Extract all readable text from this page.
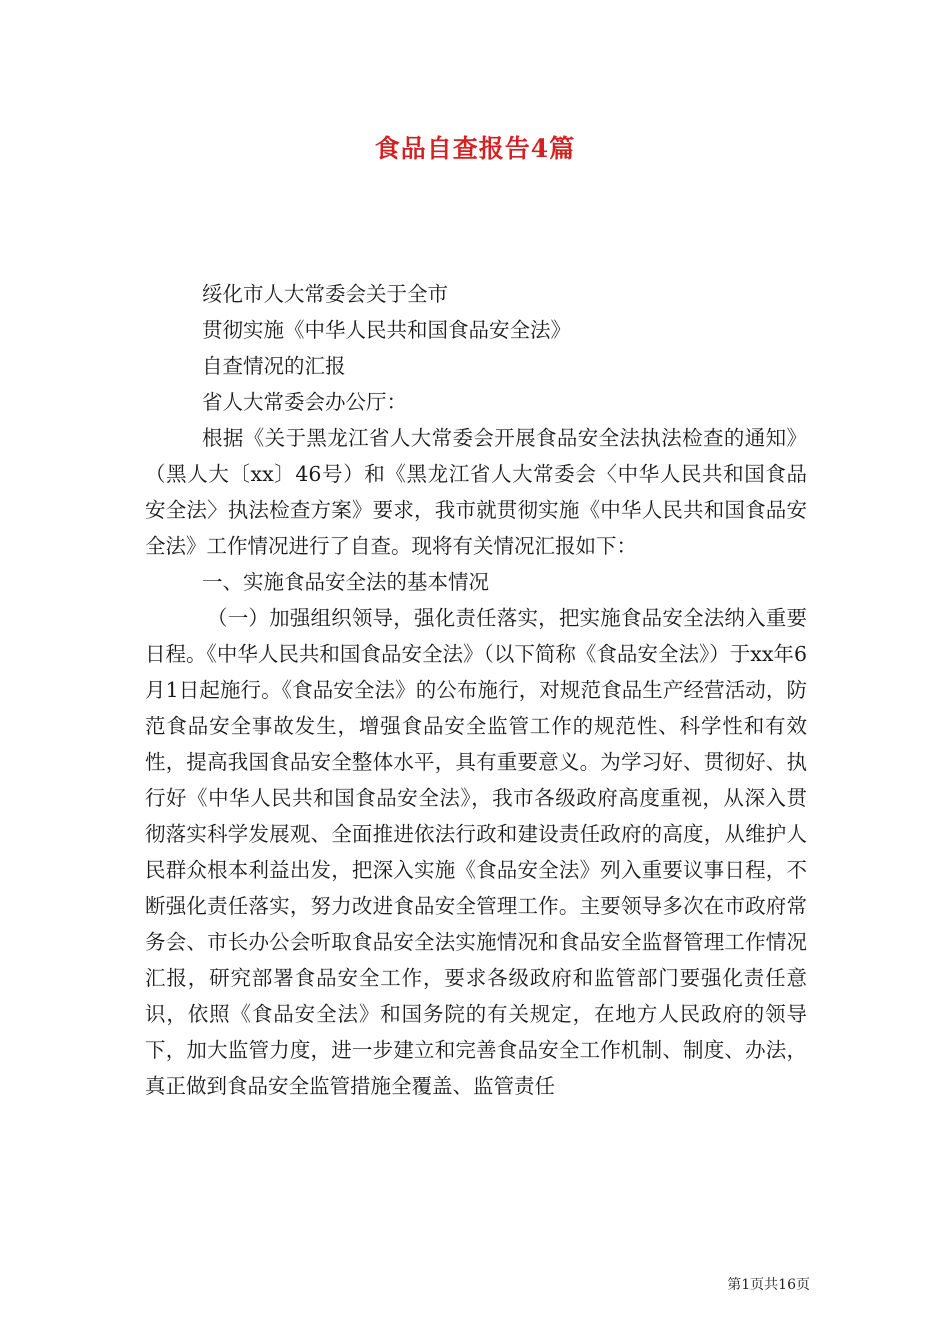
食品自查报告4篇

绥化市人大常委会关于全市

贯彻实施《中华人民共和国食品安全法》

自查情况的汇报

省人大常委会办公厅：

根据《关于黑龙江省人大常委会开展食品安全法执法检查的通知》（黑人大〔xx〕46号）和《黑龙江省人大常委会〈中华人民共和国食品安全法〉执法检查方案》要求，我市就贯彻实施《中华人民共和国食品安全法》工作情况进行了自查。现将有关情况汇报如下：

一、实施食品安全法的基本情况

（一）加强组织领导，强化责任落实，把实施食品安全法纳入重要日程。《中华人民共和国食品安全法》（以下简称《食品安全法》）于xx年6月1日起施行。《食品安全法》的公布施行，对规范食品生产经营活动，防范食品安全事故发生，增强食品安全监管工作的规范性、科学性和有效性，提高我国食品安全整体水平，具有重要意义。为学习好、贯彻好、执行好《中华人民共和国食品安全法》，我市各级政府高度重视，从深入贯彻落实科学发展观、全面推进依法行政和建设责任政府的高度，从维护人民群众根本利益出发，把深入实施《食品安全法》列入重要议事日程，不断强化责任落实，努力改进食品安全管理工作。主要领导多次在市政府常务会、市长办公会听取食品安全法实施情况和食品安全监督管理工作情况汇报，研究部署食品安全工作，要求各级政府和监管部门要强化责任意识，依照《食品安全法》和国务院的有关规定，在地方人民政府的领导下，加大监管力度，进一步建立和完善食品安全工作机制、制度、办法，真正做到食品安全监管措施全覆盖、监管责任

第1页共16页
